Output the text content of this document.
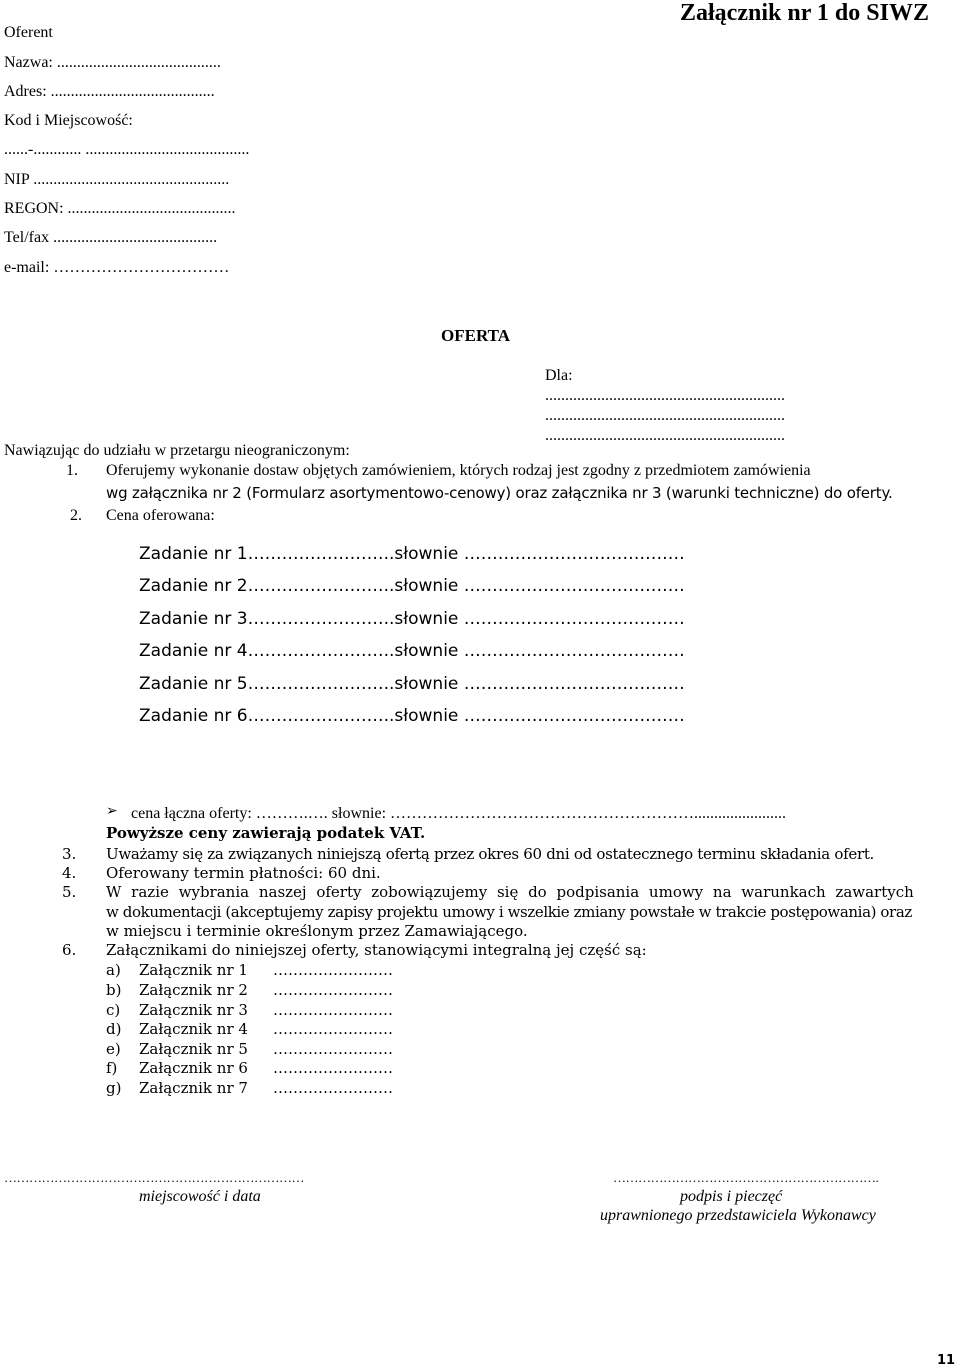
Załącznik nr 1 do SIWZ
Oferent
Nazwa: .........................................
Adres: .........................................
Kod i Miejscowość:
......-............ .........................................
NIP .................................................
REGON: ..........................................
Tel/fax .........................................
e-mail: ……………………………
OFERTA
Dla:
............................................................
............................................................
............................................................
Nawiązując do udziału w przetargu nieograniczonym:
1. Oferujemy wykonanie dostaw objętych zamówieniem, których rodzaj jest zgodny z przedmiotem zamówienia
wg załącznika nr 2 (Formularz asortymentowo-cenowy) oraz załącznika nr 3 (warunki techniczne) do oferty.
2. Cena oferowana:
Zadanie nr 1……………………..słownie …………………………………
Zadanie nr 2……………………..słownie …………………………………
Zadanie nr 3……………………..słownie …………………………………
Zadanie nr 4……………………..słownie …………………………………
Zadanie nr 5……………………..słownie …………………………………
Zadanie nr 6……………………..słownie …………………………………
➢ cena łączna oferty: ……….…. słownie: ………………………………………………….......................
Powyższe ceny zawierają podatek VAT.
3. Uważamy się za związanych niniejszą ofertą przez okres 60 dni od ostatecznego terminu składania ofert.
4. Oferowany termin płatności: 60 dni.
5. W razie wybrania naszej oferty zobowiązujemy się do podpisania umowy na warunkach zawartych
w dokumentacji (akceptujemy zapisy projektu umowy i wszelkie zmiany powstałe w trakcie postępowania) oraz
w miejscu i terminie określonym przez Zamawiającego.
6. Załącznikami do niniejszej oferty, stanowiącymi integralną jej część są:
a) Załącznik nr 1 ……………………
b) Załącznik nr 2 ……………………
c) Załącznik nr 3 ……………………
d) Załącznik nr 4 ……………………
e) Załącznik nr 5 ……………………
f) Załącznik nr 6 ……………………
g) Załącznik nr 7 ……………………
………………………………………………………………
miejscowość i data
……………………………………………………….
podpis i pieczęć
uprawnionego przedstawiciela Wykonawcy
11
